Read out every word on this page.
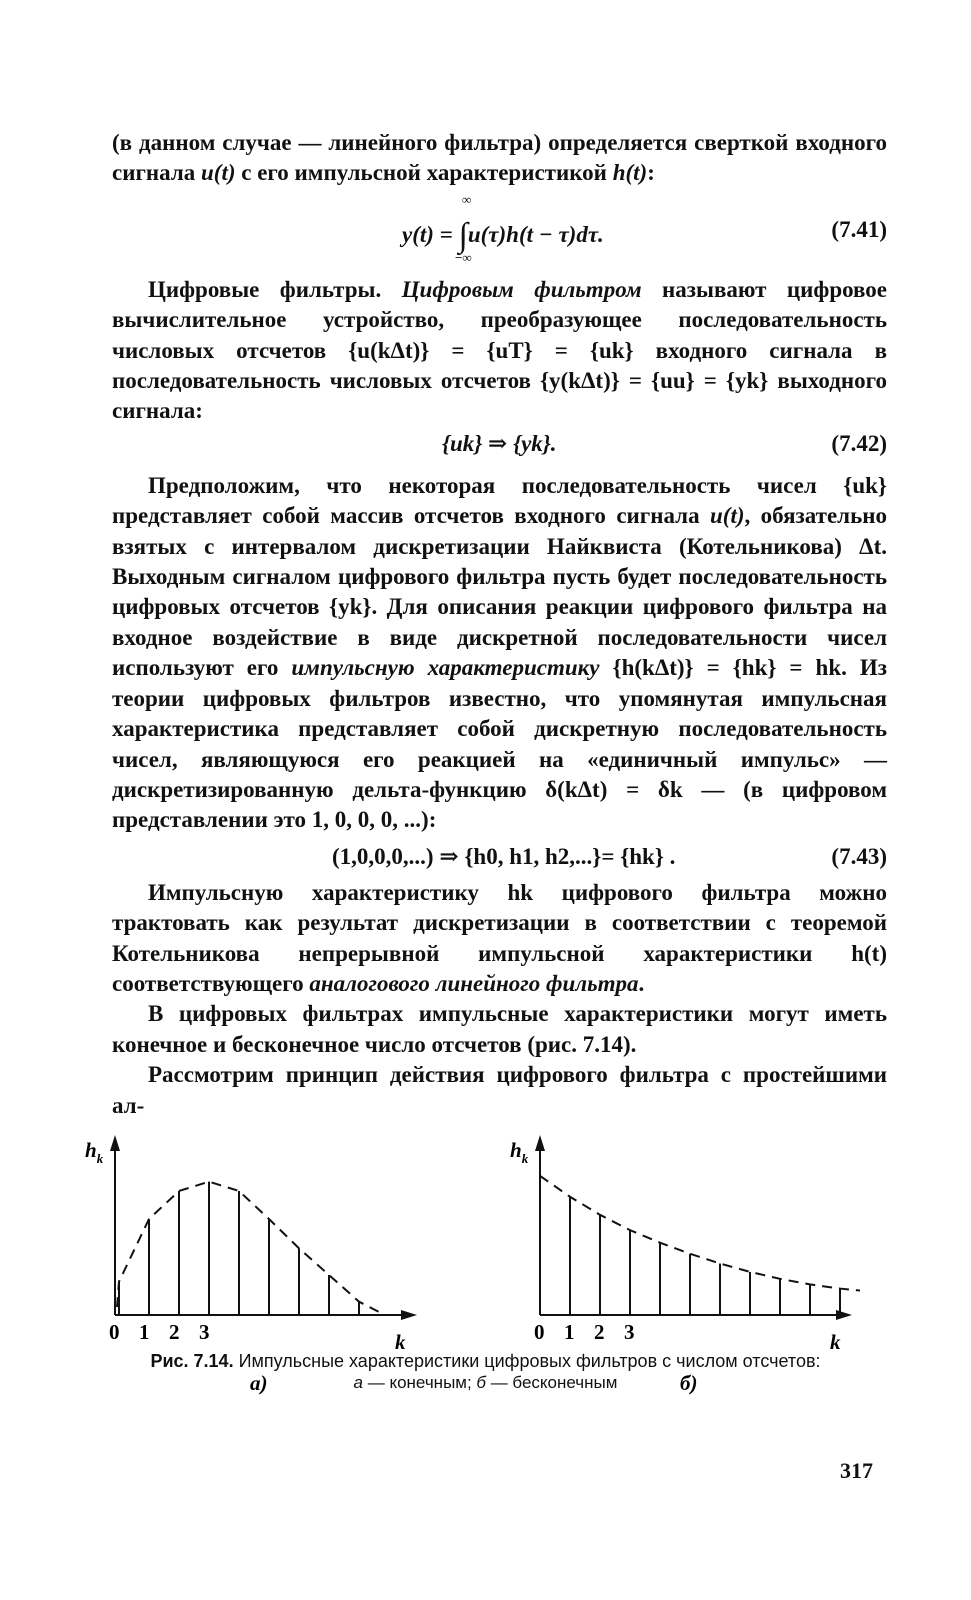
(в данном случае — линейного фильтра) определяется сверткой входного сигнала u(t) с его импульсной характеристикой h(t):

∞
−∞
y(t) = ∫u(τ)h(t − τ)dτ.	(7.41)

Цифровые фильтры. Цифровым фильтром называют цифровое вычислительное устройство, преобразующее последовательность числовых отсчетов {u(kΔt)} = {uT} = {uk} входного сигнала в последовательность числовых отсчетов {y(kΔt)} = {uu} = {yk} выходного сигнала:

{uk} ⇒ {yk}.	(7.42)

Предположим, что некоторая последовательность чисел {uk} представляет собой массив отсчетов входного сигнала u(t), обязательно взятых с интервалом дискретизации Найквиста (Котельникова) Δt. Выходным сигналом цифрового фильтра пусть будет последовательность цифровых отсчетов {yk}. Для описания реакции цифрового фильтра на входное воздействие в виде дискретной последовательности чисел используют его импульсную характеристику {h(kΔt)} = {hk} = hk. Из теории цифровых фильтров известно, что упомянутая импульсная характеристика представляет собой дискретную последовательность чисел, являющуюся его реакцией на «единичный импульс» — дискретизированную дельта-функцию δ(kΔt) = δk — (в цифровом представлении это 1, 0, 0, 0, ...):

(1,0,0,0,...) ⇒ {h0, h1, h2,...}= {hk} .	(7.43)

Импульсную характеристику hk цифрового фильтра можно трактовать как результат дискретизации в соответствии с теоремой Котельникова непрерывной импульсной характеристики h(t) соответствующего аналогового линейного фильтра.

В цифровых фильтрах импульсные характеристики могут иметь конечное и бесконечное число отсчетов (рис. 7.14).

Рассмотрим принцип действия цифрового фильтра с простейшими ал-

$h_k$
k
0 1 2 3
а)
$h_k$
k
0 1 2 3
б)
Рис. 7.14. Импульсные характеристики цифровых фильтров с числом отсчетов:
а — конечным; б — бесконечным
317
